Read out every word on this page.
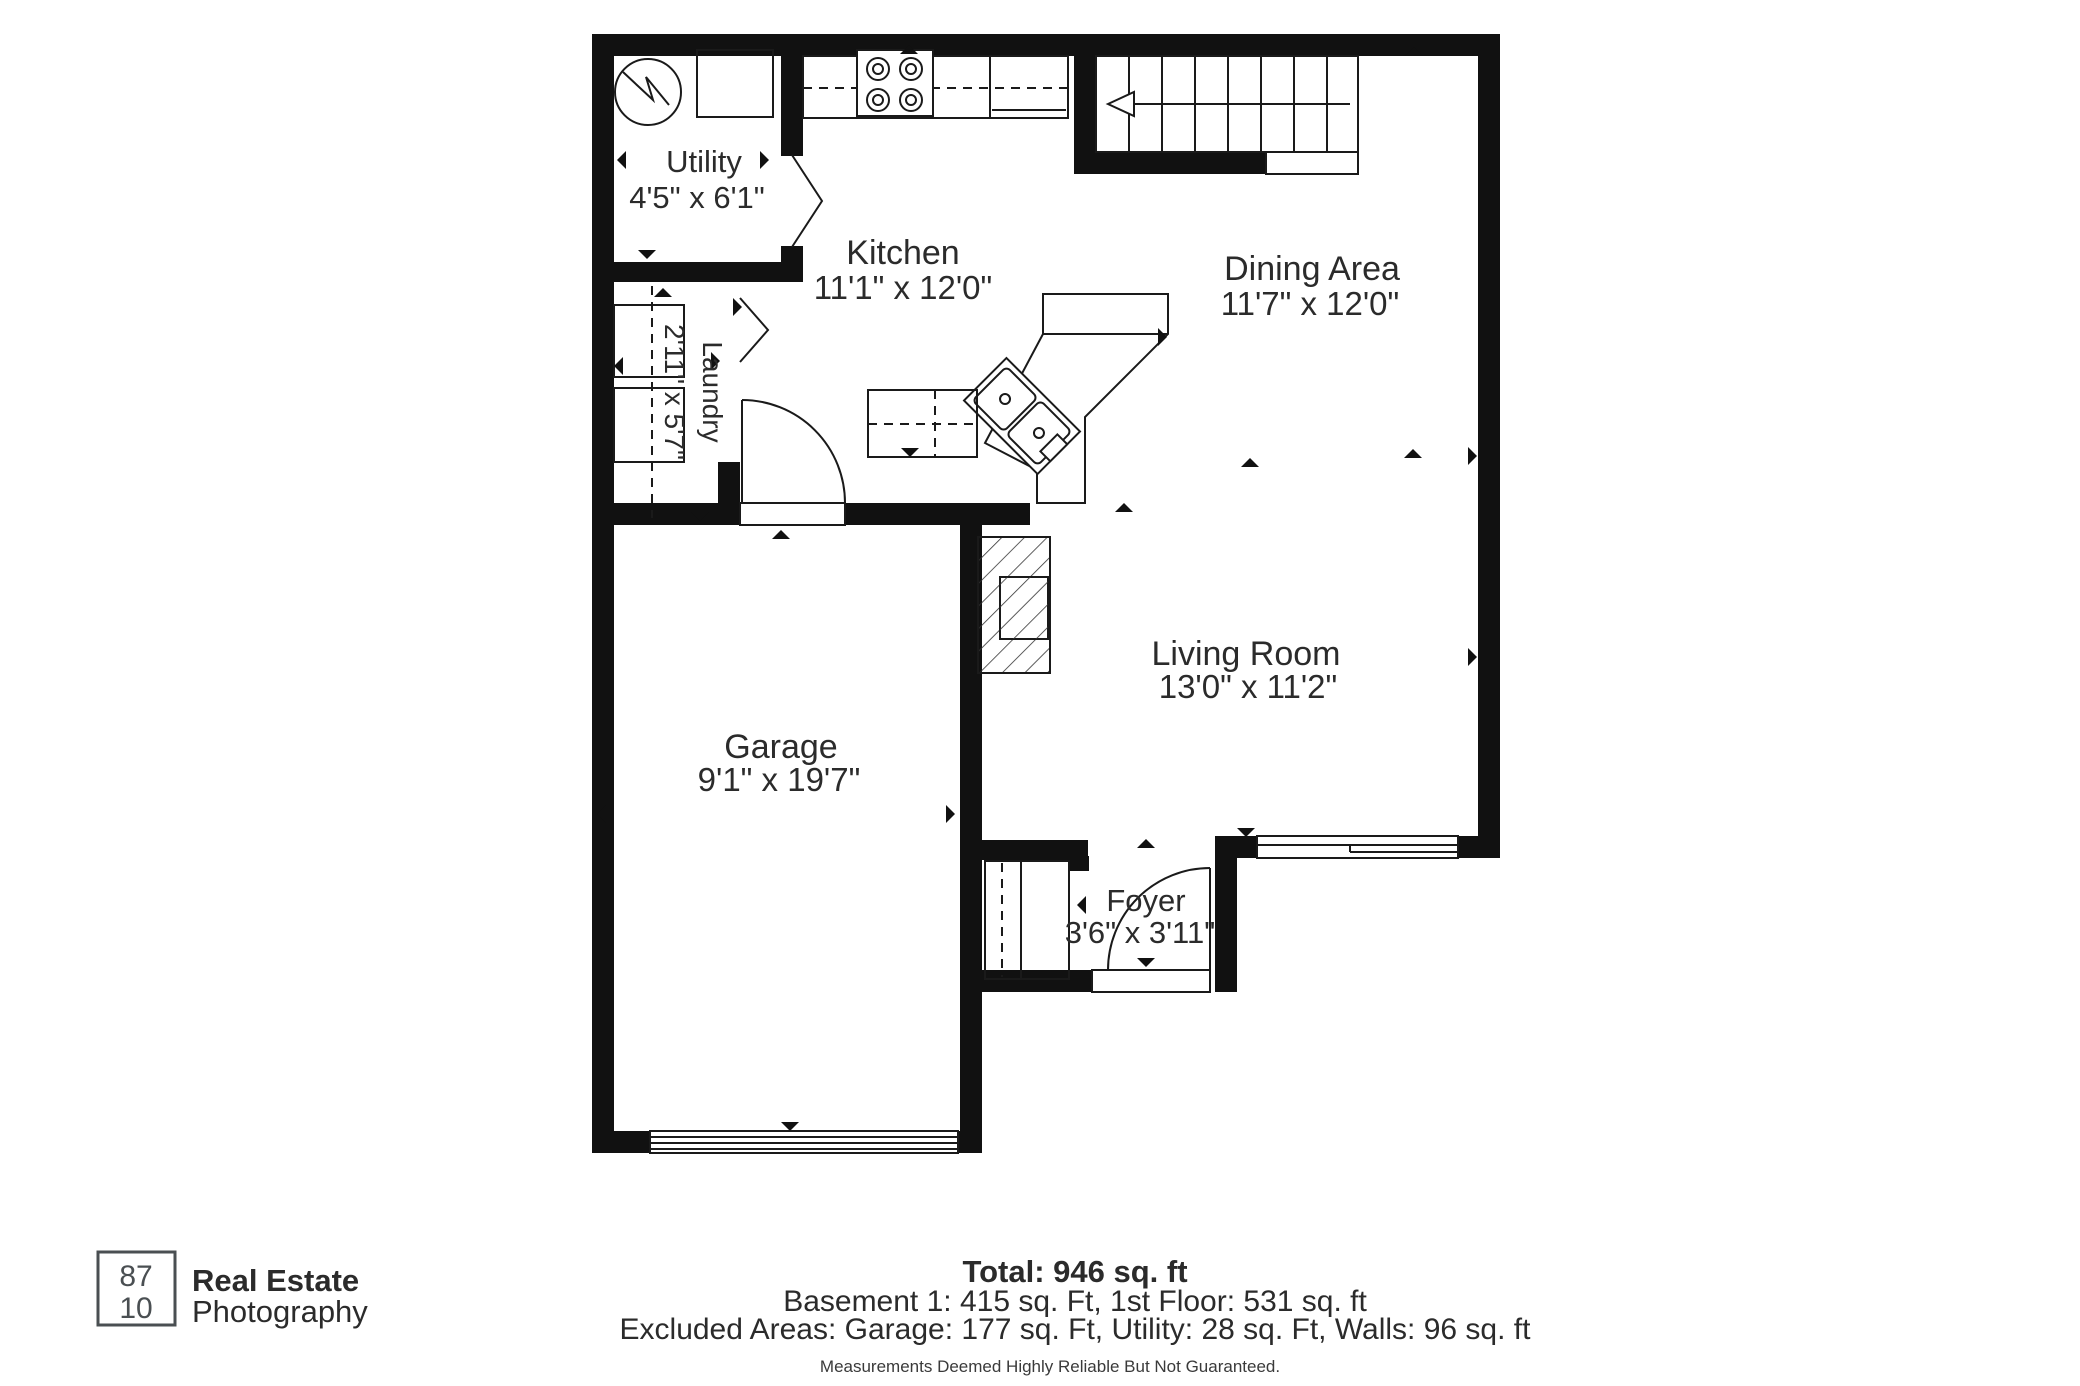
Utility
4'5" x 6'1"
Kitchen
11'1" x 12'0"	Dining Area
11'7" x 12'0"
Laundry
2'11" x 5'7"
Garage
9'1" x 19'7"
Living Room
13'0" x 11'2"
Foyer
3'6" x 3'11"
Total: 946 sq. ft
Basement 1: 415 sq. Ft, 1st Floor: 531 sq. ft
Excluded Areas: Garage: 177 sq. Ft, Utility: 28 sq. Ft, Walls: 96 sq. ft
Measurements Deemed Highly Reliable But Not Guaranteed.
87
10
Real Estate
Photography
